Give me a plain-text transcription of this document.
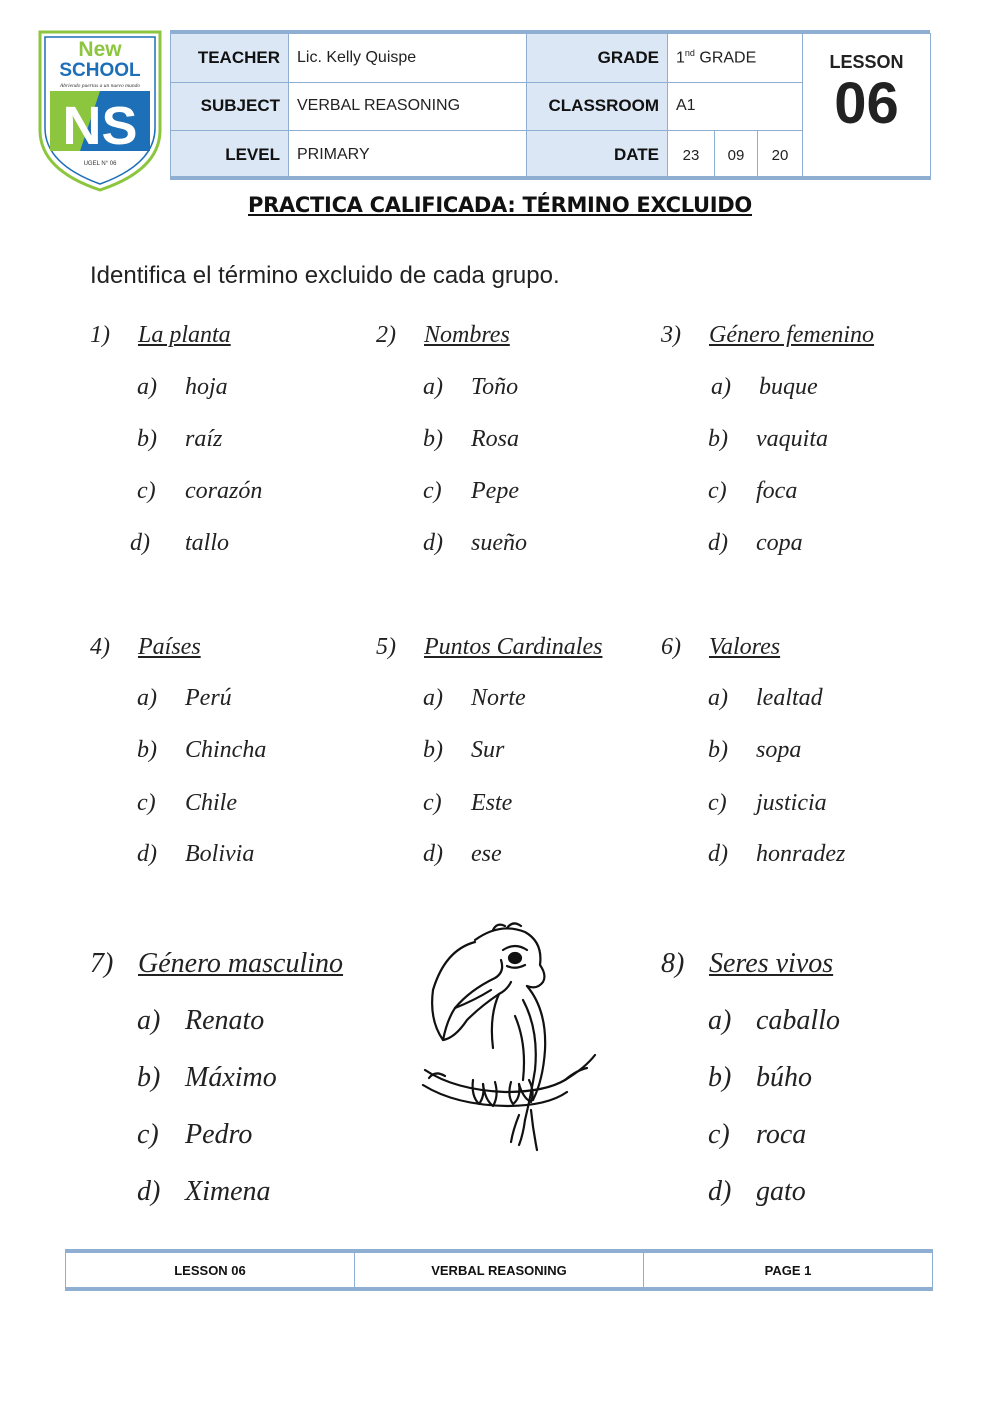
New
SCHOOL
Abriendo puertas a un nuevo mundo
NS
UGEL N° 06
TEACHER	Lic. Kelly Quispe	GRADE	1nd GRADE			LESSON
06

SUBJECT	VERBAL REASONING	CLASSROOM	A1			
LEVEL	PRIMARY	DATE	23	09	20	
PRACTICA CALIFICADA: TÉRMINO EXCLUIDO
Identifica el término excluido de cada grupo.
1) La planta
a) hoja
b) raíz
c) corazón
d) tallo
2) Nombres
a) Toño
b) Rosa
c) Pepe
d) sueño
3) Género femenino
a) buque
b) vaquita
c) foca
d) copa
4) Países
a) Perú
b) Chincha
c) Chile
d) Bolivia
5) Puntos Cardinales
a) Norte
b) Sur
c) Este
d) ese
6) Valores
a) lealtad
b) sopa
c) justicia
d) honradez
7) Género masculino
a) Renato
b) Máximo
c) Pedro
d) Ximena
8) Seres vivos
a) caballo
b) búho
c) roca
d) gato
LESSON 06	VERBAL REASONING	PAGE 1
